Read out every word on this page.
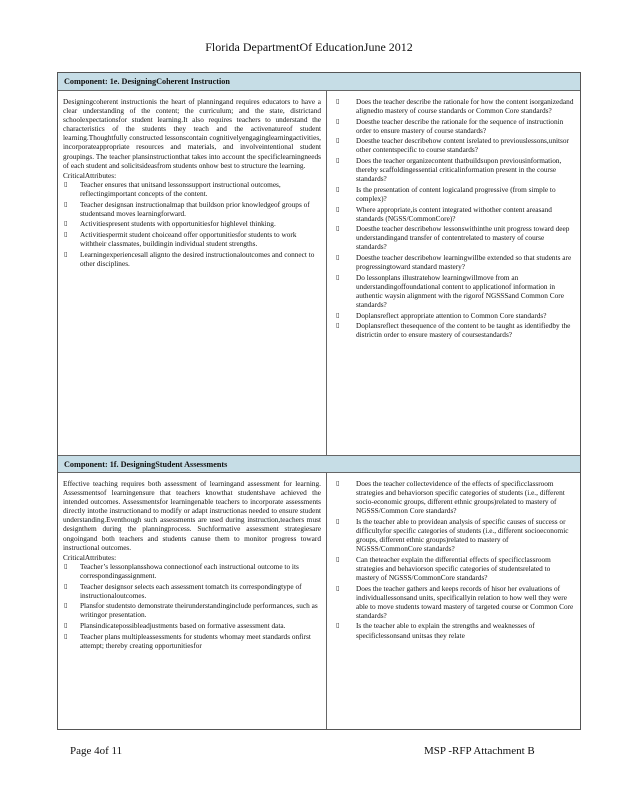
Florida DepartmentOf EducationJune 2012
Component: 1e. DesigningCoherent Instruction

Designingcoherent instructionis the heart of planningand requires educators to have a clear understanding of the content; the curriculum; and the state, districtand schoolexpectationsfor student learning.It also requires teachers to understand the characteristics of the students they teach and the activenatureof student learning.Thoughtfully constructed lessonscontain cognitivelyengaginglearningactivities, incorporateappropriate resources and materials, and involveintentional student groupings. The teacher plansinstructionthat takes into account the specificlearningneeds of each student and solicitsideasfrom students onhow best to structure the learning.

CriticalAttributes:

▯ Teacher ensures that unitsand lessonssupport instructional outcomes, reflectingimportant concepts of the content.
▯ Teacher designsan instructionalmap that buildson prior knowledgeof groups of studentsand moves learningforward.
▯ Activitiespresent students with opportunitiesfor highlevel thinking.
▯ Activitiespermit student choiceand offer opportunitiesfor students to work withtheir classmates, buildingin individual student strengths.
▯ Learningexperiencesall alignto the desired instructionaloutcomes and connect to other disciplines.
▯ Does the teacher describe the rationale for how the content isorganizedand alignedto mastery of course standards or Common Core standards?
▯ Doesthe teacher describe the rationale for the sequence of instructionin order to ensure mastery of course standards?
▯ Doesthe teacher describehow content isrelated to previouslessons,unitsor other contentspecific to course standards?
▯ Does the teacher organizecontent thatbuildsupon previousinformation, thereby scaffoldingessential criticalinformation present in the course standards?
▯ Is the presentation of content logicaland progressive (from simple to complex)?
▯ Where appropriate,is content integrated withother content areasand standards (NGSS/CommonCore)?
▯ Doesthe teacher describehow lessonswithinthe unit progress toward deep understandingand transfer of contentrelated to mastery of course standards?
▯ Doesthe teacher describehow learningwillbe extended so that students are progressingtoward standard mastery?
▯ Do lessonplans illustratehow learningwillmove from an understandingoffoundational content to applicationof information in authentic waysin alignment with the rigorof NGSSSand Common Core standards?
▯ Doplansreflect appropriate attention to Common Core standards?
▯ Doplansreflect thesequence of the content to be taught as identifiedby the districtin order to ensure mastery of coursestandards?
Component: 1f. DesigningStudent Assessments

Effective teaching requires both assessment of learningand assessment for learning. Assessmentsof learningensure that teachers knowthat studentshave achieved the intended outcomes. Assessmentsfor learningenable teachers to incorporate assessments directly intothe instructionand to modify or adapt instructionas needed to ensure student understanding.Eventhough such assessments are used during instruction,teachers must designthem during the planningprocess. Suchformative assessment strategiesare ongoingand both teachers and students canuse them to monitor progress toward instructional outcomes.

CriticalAttributes:

▯ Teacher’s lessonplansshowa connectionof each instructional outcome to its correspondingassignment.
▯ Teacher designsor selects each assessment tomatch its correspondingtype of instructionaloutcomes.
▯ Plansfor studentsto demonstrate theirunderstandinginclude performances, such as writingor presentation.
▯ Plansindicatepossibleadjustments based on formative assessment data.
▯ Teacher plans multipleassessments for students whomay meet standards onfirst attempt; thereby creating opportunitiesfor
▯ Does the teacher collectevidence of the effects of specificclassroom strategies and behaviorson specific categories of students (i.e., different socio-economic groups, different ethnic groups)related to mastery of NGSSS/Common Core standards?
▯ Is the teacher able to providean analysis of specific causes of success or difficultyfor specific categories of students (i.e., different socioeconomic groups, different ethnic groups)related to mastery of NGSSS/CommonCore standards?
▯ Can theteacher explain the differential effects of specificclassroom strategies and behaviorson specific categories of studentsrelated to mastery of NGSSS/CommonCore standards?
▯ Does the teacher gathers and keeps records of hisor her evaluations of individuallessonsand units, specificallyin relation to how well they were able to move students toward mastery of targeted course or Common Core standards?
▯ Is the teacher able to explain the strengths and weaknesses of specificlessonsand unitsas they relate
Page 4of 11	MSP -RFP Attachment B
